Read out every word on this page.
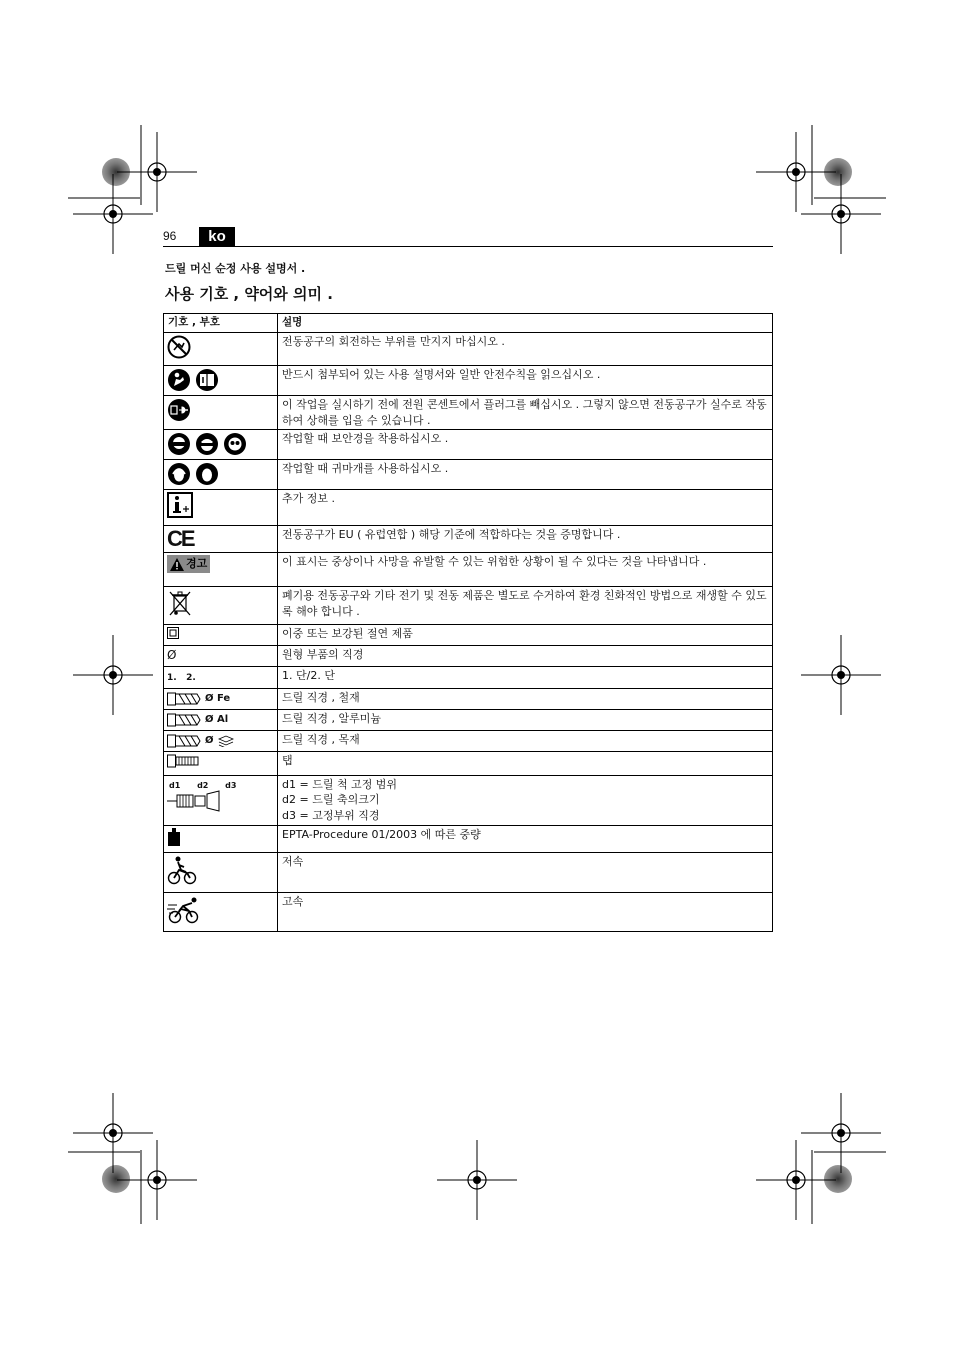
96	ko
드릴 머신 순정 사용 설명서 .
사용 기호 , 약어와 의미 .
기호 , 부호	설명
	전동공구의 회전하는 부위를 만지지 마십시오 .

	반드시 첨부되어 있는 사용 설명서와 일반 안전수칙을 읽으십시오 .
	이 작업을 실시하기 전에 전원 콘센트에서 플러그를 빼십시오 . 그렇지 않으면 전동공구가 실수로 작동하여 상해를 입을 수 있습니다 .

	작업할 때 보안경을 착용하십시오 .

	작업할 때 귀마개를 사용하십시오 .
	추가 정보 .
CE	전동공구가 EU ( 유럽연합 ) 해당 기준에 적합하다는 것을 증명합니다 .

경고	이 표시는 중상이나 사망을 유발할 수 있는 위험한 상황이 될 수 있다는 것을 나타냅니다 .
	폐기용 전동공구와 기타 전기 및 전동 제품은 별도로 수거하여 환경 친화적인 방법으로 재생할 수 있도록 해야 합니다 .
	이중 또는 보강된 절연 제품
Ø	원형 부품의 직경
1.   2.	1. 단/2. 단

Ø Fe	드릴 직경 , 철재

Ø Al	드릴 직경 , 알루미늄

Ø	드릴 직경 , 목재
	탭

d1 d2 d3	d1 = 드릴 척 고정 범위
d2 = 드릴 축의크기
d3 = 고정부위 직경

	EPTA-Procedure 01/2003 에 따른 중량
	저속
	고속
